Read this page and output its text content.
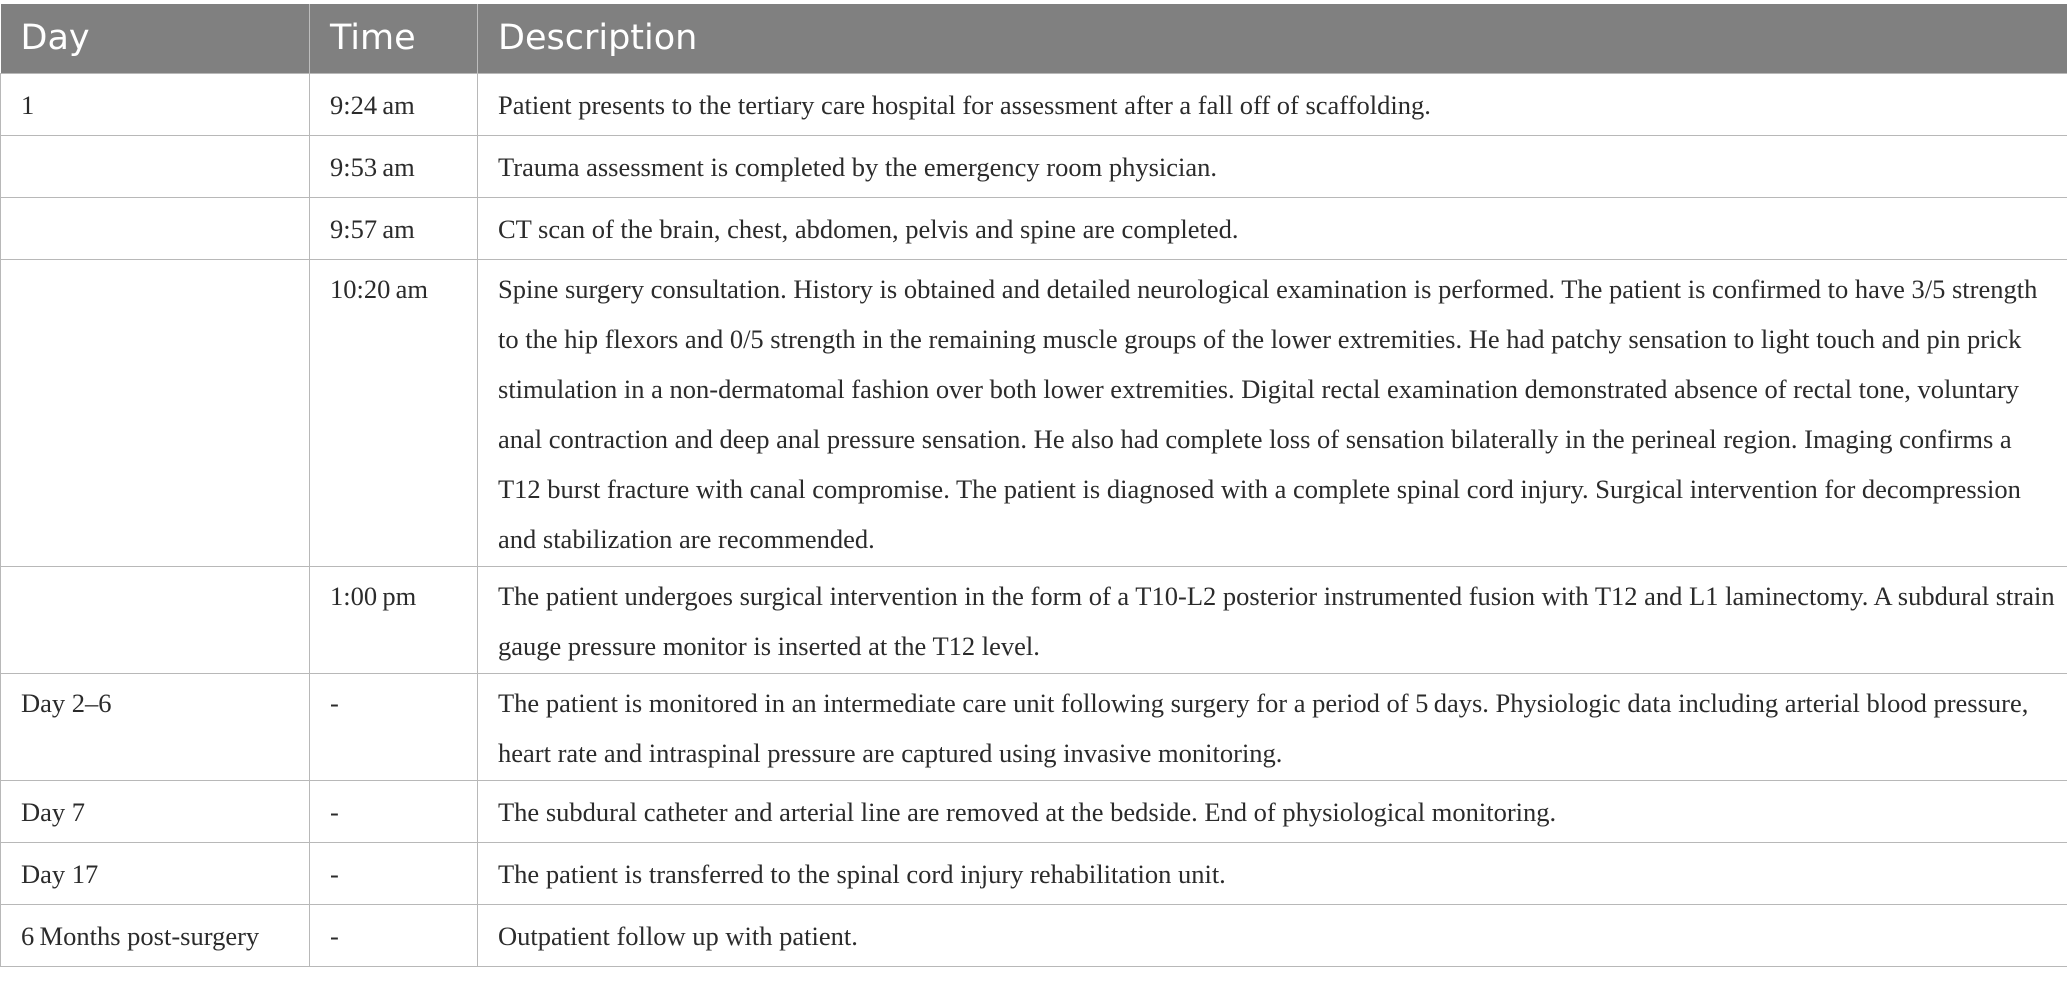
Day	Time	Description
1	9:24 am	Patient presents to the tertiary care hospital for assessment after a fall off of scaffolding.
	9:53 am	Trauma assessment is completed by the emergency room physician.
	9:57 am	CT scan of the brain, chest, abdomen, pelvis and spine are completed.
	10:20 am	Spine surgery consultation. History is obtained and detailed neurological examination is performed. The patient is confirmed to have 3/5 strength to the hip flexors and 0/5 strength in the remaining muscle groups of the lower extremities. He had patchy sensation to light touch and pin prick stimulation in a non-dermatomal fashion over both lower extremities. Digital rectal examination demonstrated absence of rectal tone, voluntary anal contraction and deep anal pressure sensation. He also had complete loss of sensation bilaterally in the perineal region. Imaging confirms a T12 burst fracture with canal compromise. The patient is diagnosed with a complete spinal cord injury. Surgical intervention for decompression and stabilization are recommended.
	1:00 pm	The patient undergoes surgical intervention in the form of a T10-L2 posterior instrumented fusion with T12 and L1 laminectomy. A subdural strain gauge pressure monitor is inserted at the T12 level.
Day 2–6	-	The patient is monitored in an intermediate care unit following surgery for a period of 5 days. Physiologic data including arterial blood pressure, heart rate and intraspinal pressure are captured using invasive monitoring.
Day 7	-	The subdural catheter and arterial line are removed at the bedside. End of physiological monitoring.
Day 17	-	The patient is transferred to the spinal cord injury rehabilitation unit.
6 Months post-surgery	-	Outpatient follow up with patient.
